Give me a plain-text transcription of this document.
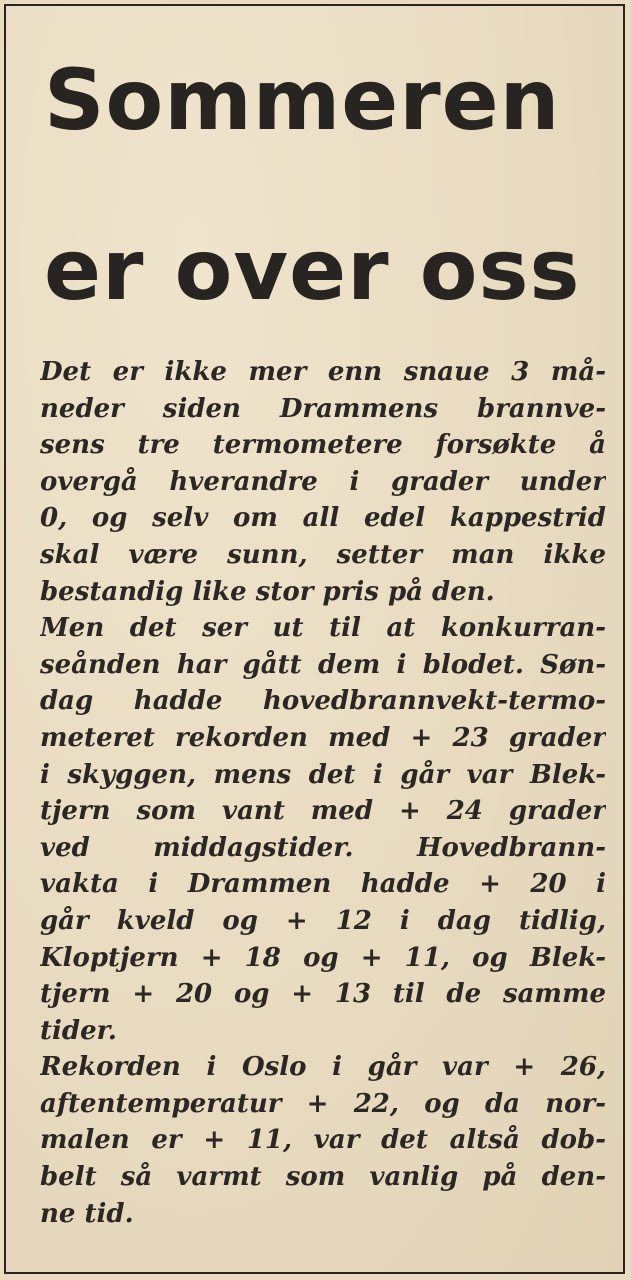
Sommeren
er over oss
Det er ikke mer enn snaue 3 må-
neder siden Drammens brannve-
sens tre termometere forsøkte å
overgå hverandre i grader under
0, og selv om all edel kappestrid
skal være sunn, setter man ikke
bestandig like stor pris på den.
Men det ser ut til at konkurran-
seånden har gått dem i blodet. Søn-
dag hadde hovedbrannvekt-termo-
meteret rekorden med + 23 grader
i skyggen, mens det i går var Blek-
tjern som vant med + 24 grader
ved middagstider. Hovedbrann-
vakta i Drammen hadde + 20 i
går kveld og + 12 i dag tidlig,
Kloptjern + 18 og + 11, og Blek-
tjern + 20 og + 13 til de samme
tider.
Rekorden i Oslo i går var + 26,
aftentemperatur + 22, og da nor-
malen er + 11, var det altså dob-
belt så varmt som vanlig på den-
ne tid.
